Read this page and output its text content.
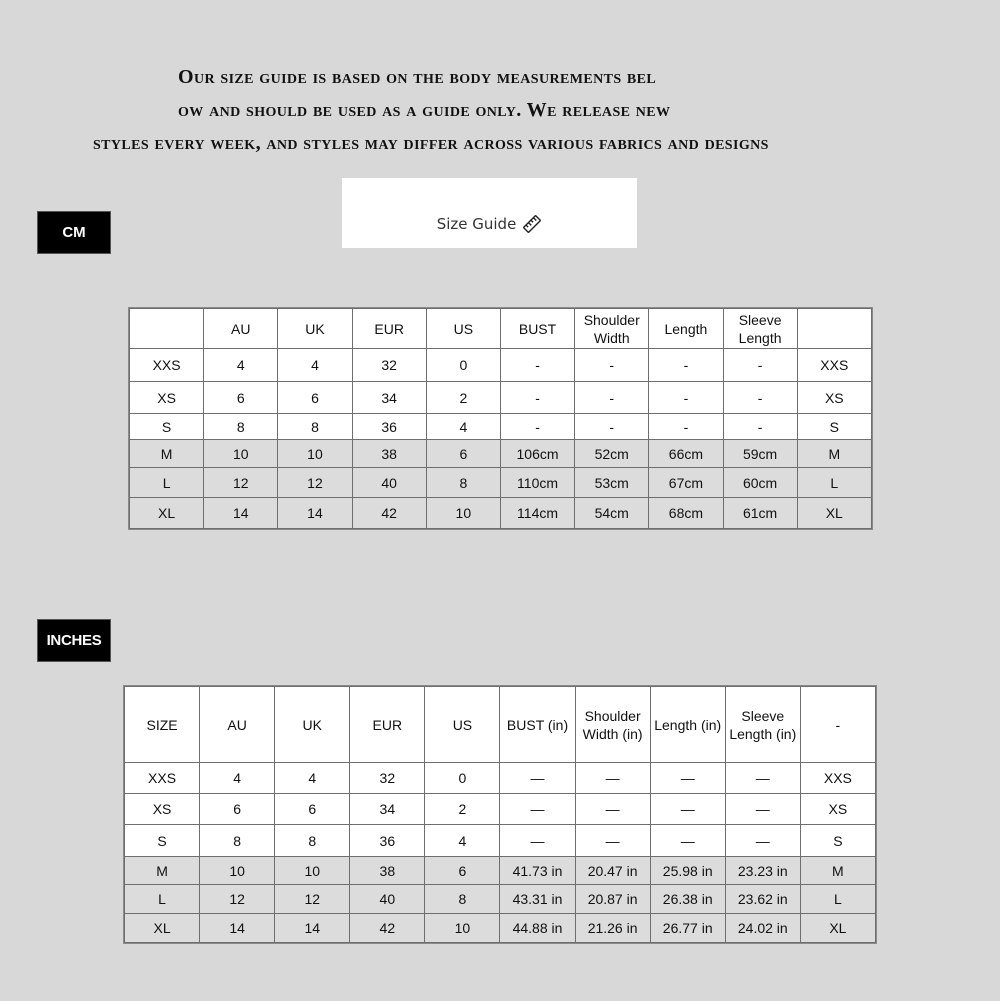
Our size guide is based on the body measurements bel
ow and should be used as a guide only. We release new
styles every week, and styles may differ across various fabrics and designs
Size Guide
CM
	AU	UK	EUR	US	BUST	Shoulder Width	Length	Sleeve Length	
XXS	4	4	32	0	-	-	-	-	XXS
XS	6	6	34	2	-	-	-	-	XS
S	8	8	36	4	-	-	-	-	S
M	10	10	38	6	106cm	52cm	66cm	59cm	M
L	12	12	40	8	110cm	53cm	67cm	60cm	L
XL	14	14	42	10	114cm	54cm	68cm	61cm	XL
INCHES
SIZE	AU	UK	EUR	US	BUST (in)	Shoulder Width (in)	Length (in)	Sleeve Length (in)	-
XXS	4	4	32	0	—	—	—	—	XXS
XS	6	6	34	2	—	—	—	—	XS
S	8	8	36	4	—	—	—	—	S
M	10	10	38	6	41.73 in	20.47 in	25.98 in	23.23 in	M
L	12	12	40	8	43.31 in	20.87 in	26.38 in	23.62 in	L
XL	14	14	42	10	44.88 in	21.26 in	26.77 in	24.02 in	XL
